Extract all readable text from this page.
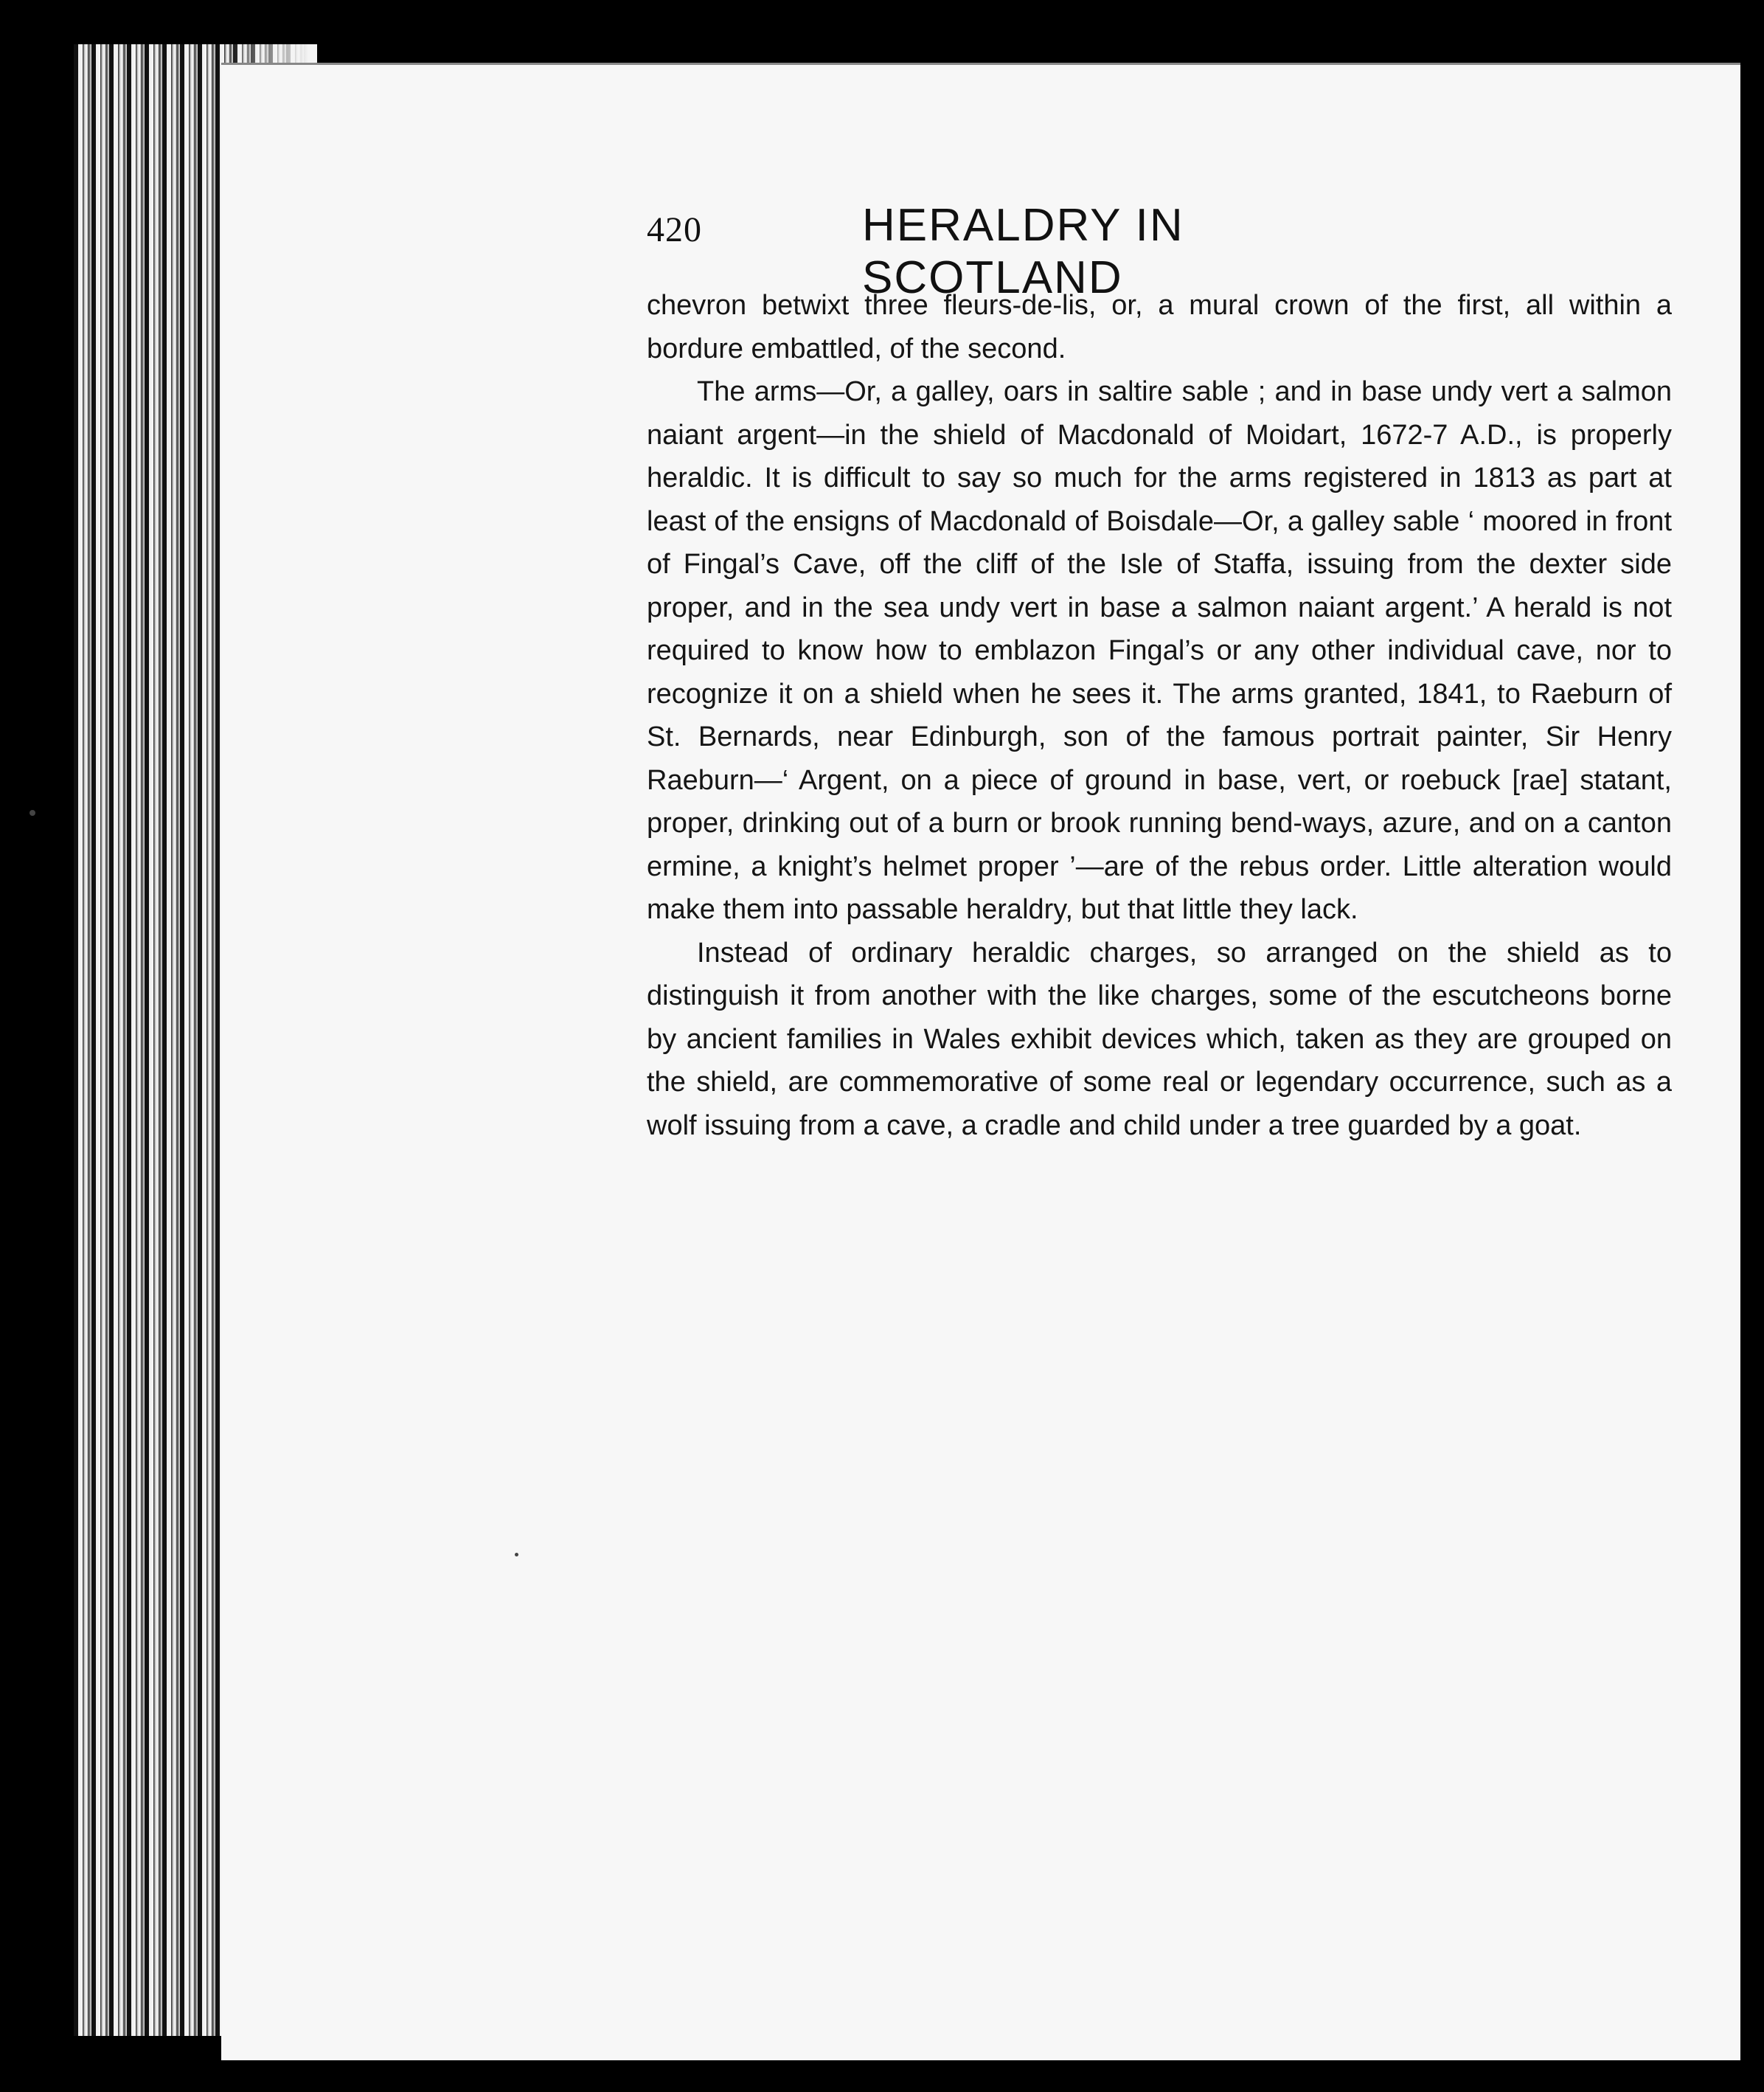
420	HERALDRY IN SCOTLAND

chevron betwixt three fleurs-de-lis, or, a mural crown of the first, all within a bordure embattled, of the second.

The arms—Or, a galley, oars in saltire sable ; and in base undy vert a salmon naiant argent—in the shield of Macdonald of Moidart, 1672-7 A.D., is properly heraldic. It is difficult to say so much for the arms registered in 1813 as part at least of the ensigns of Macdonald of Boisdale—Or, a galley sable ‘ moored in front of Fingal’s Cave, off the cliff of the Isle of Staffa, issuing from the dexter side proper, and in the sea undy vert in base a salmon naiant argent.’ A herald is not required to know how to emblazon Fingal’s or any other individual cave, nor to recognize it on a shield when he sees it. The arms granted, 1841, to Raeburn of St. Bernards, near Edinburgh, son of the famous portrait painter, Sir Henry Raeburn—‘ Argent, on a piece of ground in base, vert, or roebuck [rae] statant, proper, drinking out of a burn or brook running bend-ways, azure, and on a canton ermine, a knight’s helmet proper ’—are of the rebus order. Little alteration would make them into passable heraldry, but that little they lack.

Instead of ordinary heraldic charges, so arranged on the shield as to distinguish it from another with the like charges, some of the escutcheons borne by ancient families in Wales exhibit devices which, taken as they are grouped on the shield, are commemorative of some real or legendary occurrence, such as a wolf issuing from a cave, a cradle and child under a tree guarded by a goat.
